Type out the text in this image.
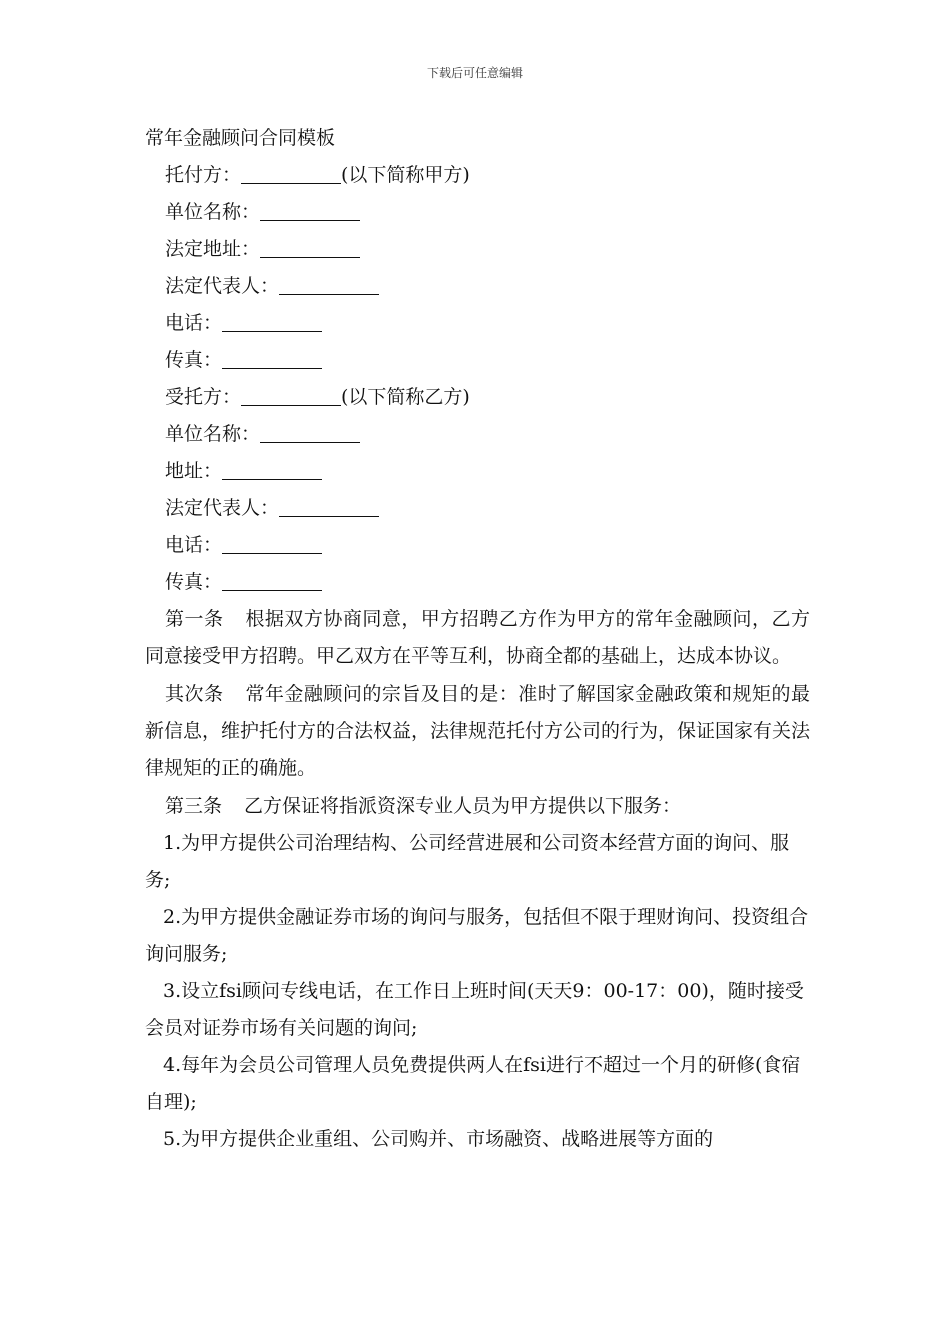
下载后可任意编辑
常年金融顾问合同模板
托付方：	(以下简称甲方)
单位名称：
法定地址：
法定代表人：
电话：
传真：
受托方：	(以下简称乙方)
单位名称：
地址：
法定代表人：
电话：
传真：

第一条 根据双方协商同意，甲方招聘乙方作为甲方的常年金融顾问，乙方同意接受甲方招聘。甲乙双方在平等互利，协商全都的基础上，达成本协议。

其次条 常年金融顾问的宗旨及目的是：准时了解国家金融政策和规矩的最新信息，维护托付方的合法权益，法律规范托付方公司的行为，保证国家有关法律规矩的正的确施。

第三条 乙方保证将指派资深专业人员为甲方提供以下服务：

1.为甲方提供公司治理结构、公司经营进展和公司资本经营方面的询问、服务;
2.为甲方提供金融证券市场的询问与服务，包括但不限于理财询问、投资组合询问服务;
3.设立fsi顾问专线电话，在工作日上班时间(天天9：00-17：00)，随时接受会员对证券市场有关问题的询问;
4.每年为会员公司管理人员免费提供两人在fsi进行不超过一个月的研修(食宿自理);
5.为甲方提供企业重组、公司购并、市场融资、战略进展等方面的
